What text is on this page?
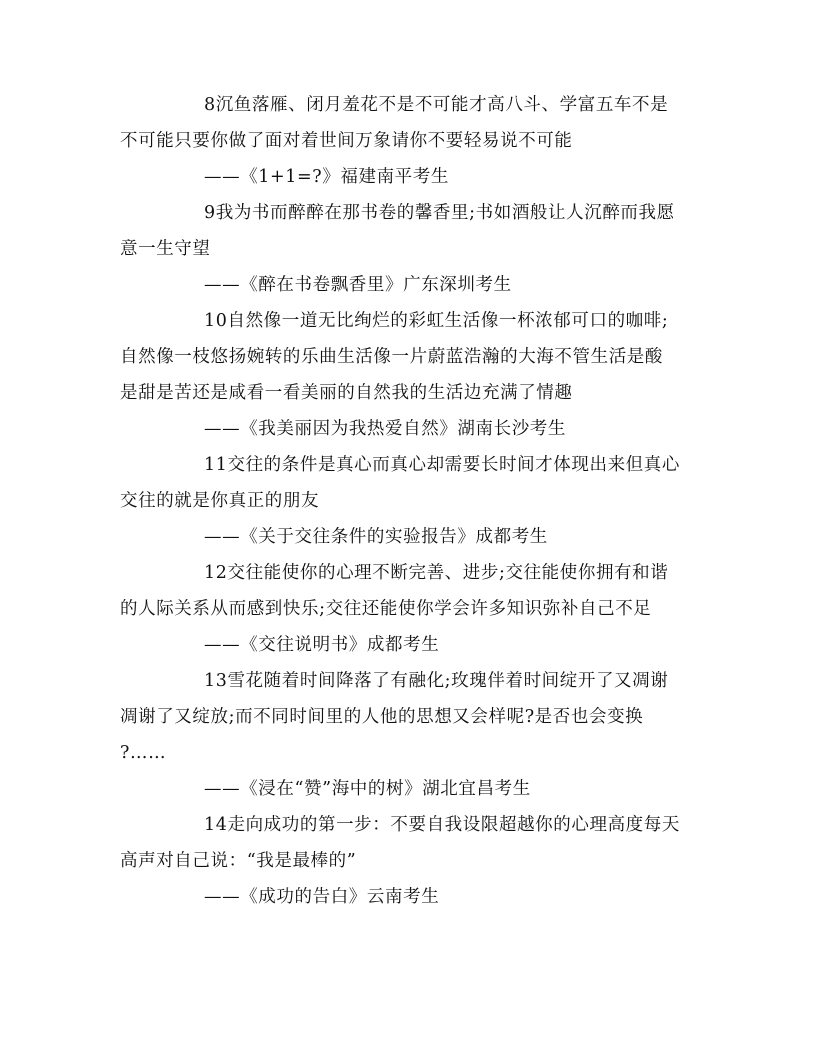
8沉鱼落雁、闭月羞花不是不可能才高八斗、学富五车不是
不可能只要你做了面对着世间万象请你不要轻易说不可能
——《1+1=?》福建南平考生
9我为书而醉醉在那书卷的馨香里;书如酒般让人沉醉而我愿
意一生守望
——《醉在书卷飘香里》广东深圳考生
10自然像一道无比绚烂的彩虹生活像一杯浓郁可口的咖啡;
自然像一枝悠扬婉转的乐曲生活像一片蔚蓝浩瀚的大海不管生活是酸
是甜是苦还是咸看一看美丽的自然我的生活边充满了情趣
——《我美丽因为我热爱自然》湖南长沙考生
11交往的条件是真心而真心却需要长时间才体现出来但真心
交往的就是你真正的朋友
——《关于交往条件的实验报告》成都考生
12交往能使你的心理不断完善、进步;交往能使你拥有和谐
的人际关系从而感到快乐;交往还能使你学会许多知识弥补自己不足
——《交往说明书》成都考生
13雪花随着时间降落了有融化;玫瑰伴着时间绽开了又凋谢
凋谢了又绽放;而不同时间里的人他的思想又会样呢?是否也会变换
?……
——《浸在“赞”海中的树》湖北宜昌考生
14走向成功的第一步：不要自我设限超越你的心理高度每天
高声对自己说：“我是最棒的”
——《成功的告白》云南考生
